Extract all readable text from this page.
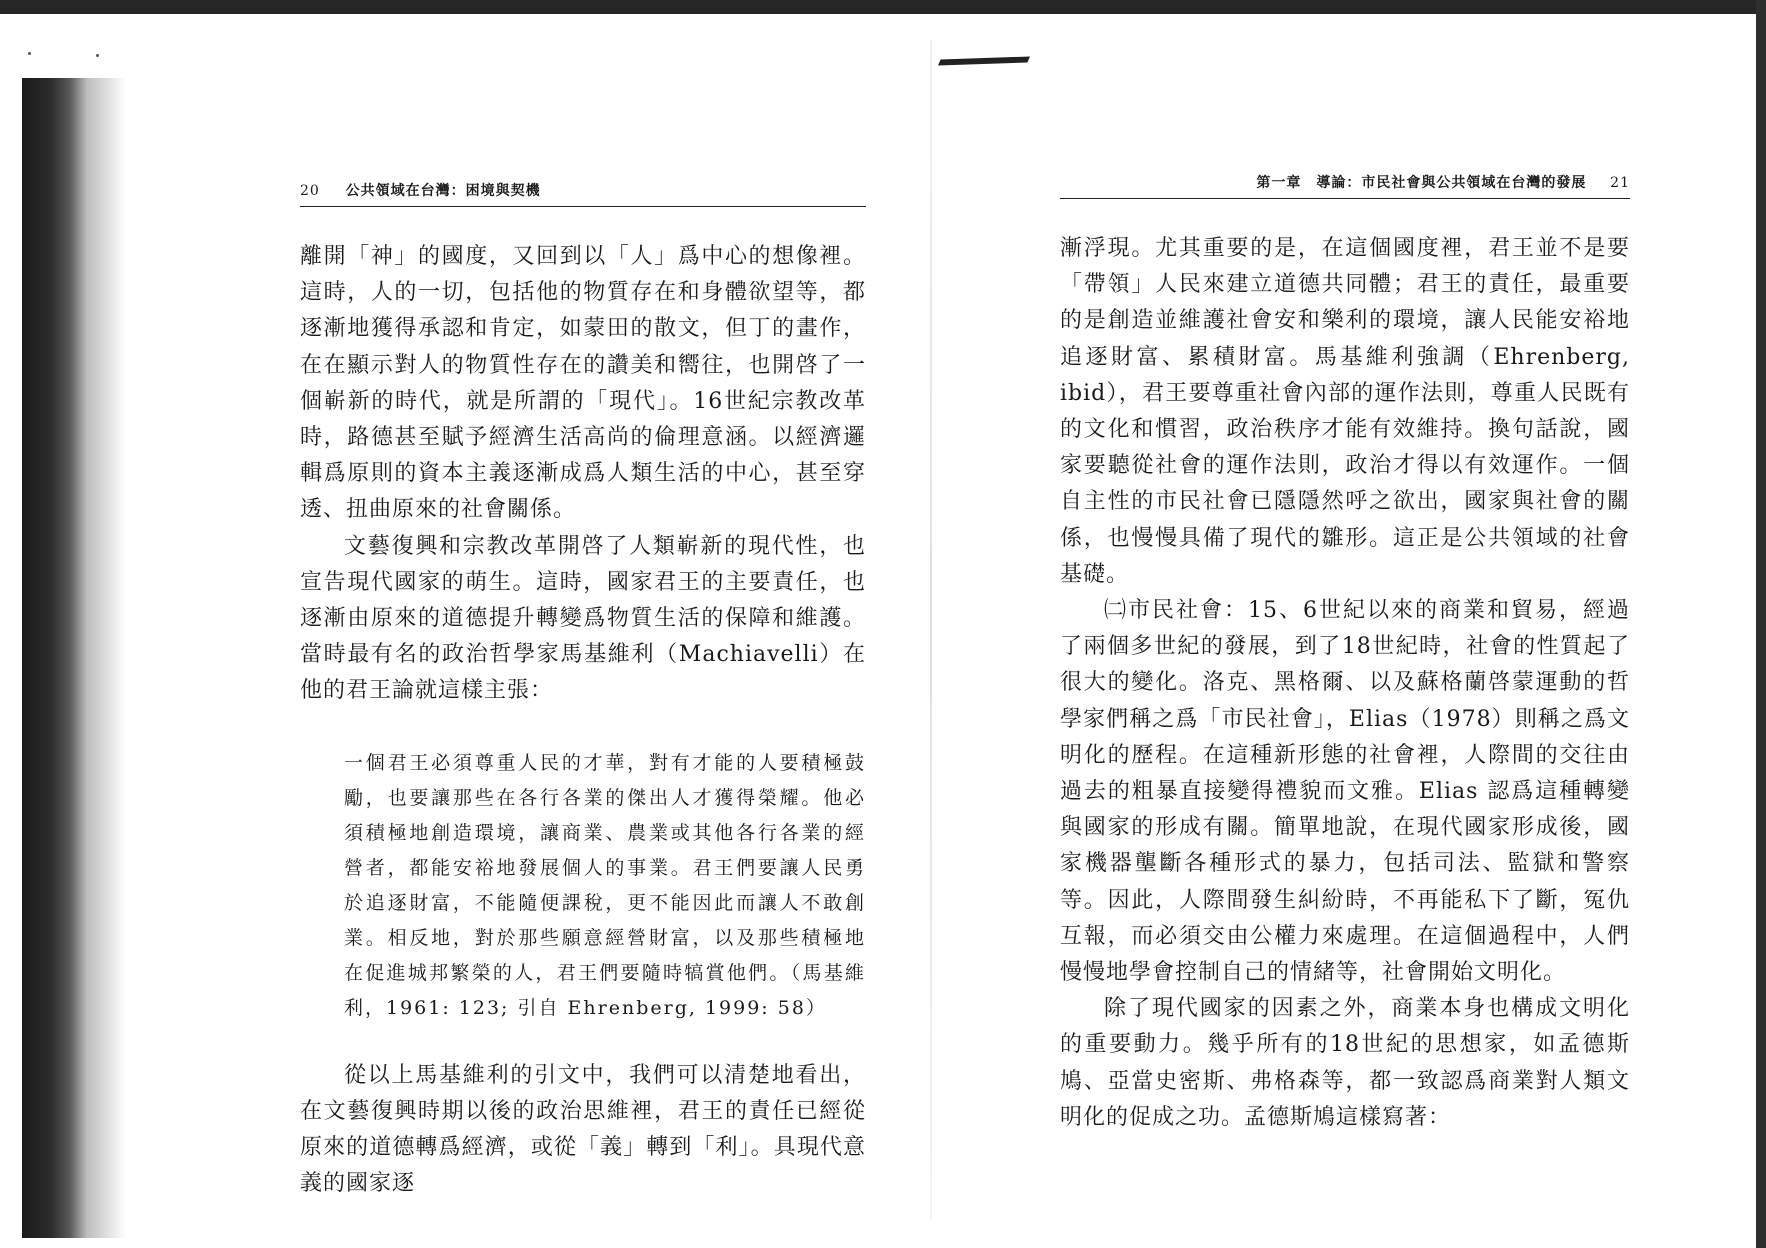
20 公共領域在台灣：困境與契機

離開「神」的國度，又回到以「人」爲中心的想像裡。這時，人的一切，包括他的物質存在和身體欲望等，都逐漸地獲得承認和肯定，如蒙田的散文，但丁的畫作，在在顯示對人的物質性存在的讚美和嚮往，也開啓了一個嶄新的時代，就是所謂的「現代」。16世紀宗教改革時，路德甚至賦予經濟生活高尚的倫理意涵。以經濟邏輯爲原則的資本主義逐漸成爲人類生活的中心，甚至穿透、扭曲原來的社會關係。

文藝復興和宗教改革開啓了人類嶄新的現代性，也宣告現代國家的萌生。這時，國家君王的主要責任，也逐漸由原來的道德提升轉變爲物質生活的保障和維護。當時最有名的政治哲學家馬基維利（Machiavelli）在他的君王論就這樣主張：

一個君王必須尊重人民的才華，對有才能的人要積極鼓勵，也要讓那些在各行各業的傑出人才獲得榮耀。他必須積極地創造環境，讓商業、農業或其他各行各業的經營者，都能安裕地發展個人的事業。君王們要讓人民勇於追逐財富，不能隨便課稅，更不能因此而讓人不敢創業。相反地，對於那些願意經營財富，以及那些積極地在促進城邦繁榮的人，君王們要隨時犒賞他們。（馬基維利，1961: 123; 引自 Ehrenberg, 1999: 58）

從以上馬基維利的引文中，我們可以清楚地看出，在文藝復興時期以後的政治思維裡，君王的責任已經從原來的道德轉爲經濟，或從「義」轉到「利」。具現代意義的國家逐

第一章　導論：市民社會與公共領域在台灣的發展 21

漸浮現。尤其重要的是，在這個國度裡，君王並不是要「帶領」人民來建立道德共同體；君王的責任，最重要的是創造並維護社會安和樂利的環境，讓人民能安裕地追逐財富、累積財富。馬基維利強調（Ehrenberg, ibid），君王要尊重社會內部的運作法則，尊重人民既有的文化和慣習，政治秩序才能有效維持。換句話說，國家要聽從社會的運作法則，政治才得以有效運作。一個自主性的市民社會已隱隱然呼之欲出，國家與社會的關係，也慢慢具備了現代的雛形。這正是公共領域的社會基礎。

㈡市民社會：15、6世紀以來的商業和貿易，經過了兩個多世紀的發展，到了18世紀時，社會的性質起了很大的變化。洛克、黑格爾、以及蘇格蘭啓蒙運動的哲學家們稱之爲「市民社會」，Elias（1978）則稱之爲文明化的歷程。在這種新形態的社會裡，人際間的交往由過去的粗暴直接變得禮貌而文雅。Elias 認爲這種轉變與國家的形成有關。簡單地說，在現代國家形成後，國家機器壟斷各種形式的暴力，包括司法、監獄和警察等。因此，人際間發生糾紛時，不再能私下了斷，冤仇互報，而必須交由公權力來處理。在這個過程中，人們慢慢地學會控制自己的情緒等，社會開始文明化。

除了現代國家的因素之外，商業本身也構成文明化的重要動力。幾乎所有的18世紀的思想家，如孟德斯鳩、亞當史密斯、弗格森等，都一致認爲商業對人類文明化的促成之功。孟德斯鳩這樣寫著：
